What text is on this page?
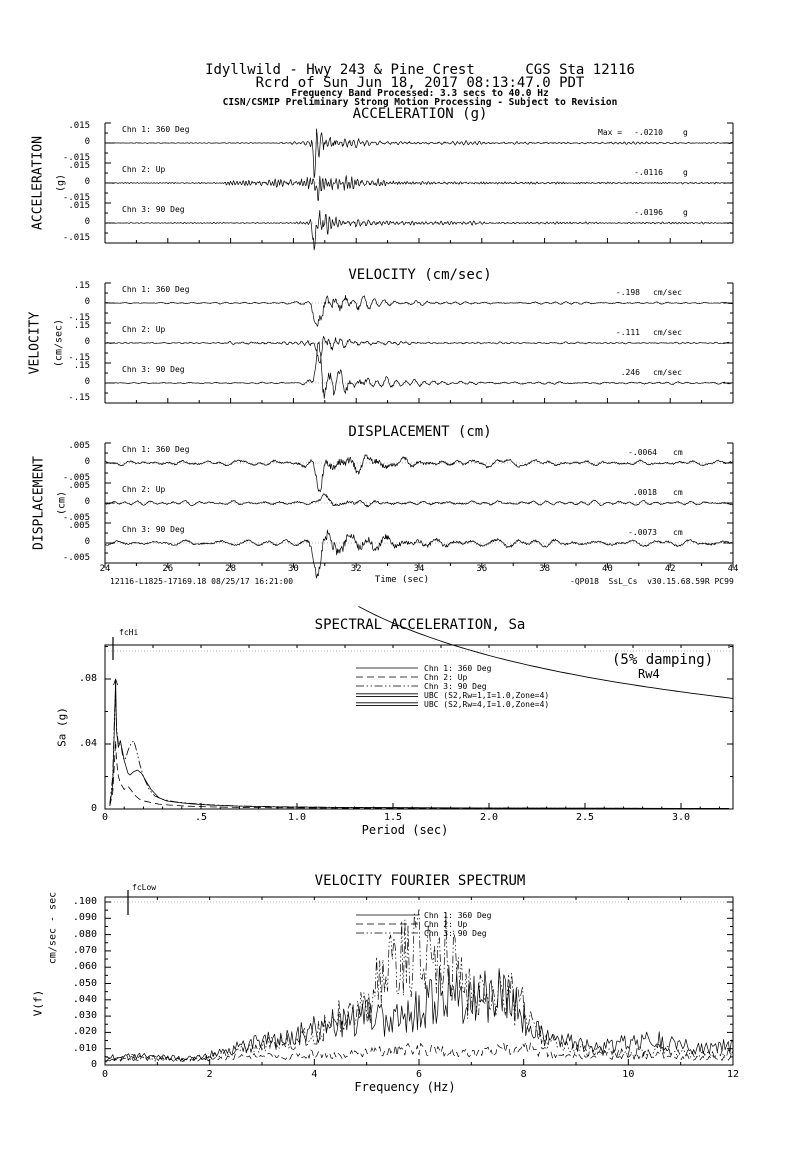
Idyllwild - Hwy 243 & Pine Crest      CGS Sta 12116
Rcrd of Sun Jun 18, 2017 08:13:47.0 PDT
Frequency Band Processed: 3.3 secs to 40.0 Hz
CISN/CSMIP Preliminary Strong Motion Processing - Subject to Revision
ACCELERATION (g)
VELOCITY (cm/sec)
DISPLACEMENT (cm)
ACCELERATION (g)
VELOCITY (cm/sec)
DISPLACEMENT (cm)
Chn 1: 360 Deg
Chn 2: Up
Chn 3: 90 Deg
Chn 1: 360 Deg
Chn 2: Up
Chn 3: 90 Deg
Chn 1: 360 Deg
Chn 2: Up
Chn 3: 90 Deg
Max =	-.0210
-.0116
-.0196
g
g
g
-.198
-.111
.246
cm/sec
cm/sec
cm/sec
-.0064
.0018
-.0073
cm
cm
cm
Time (sec)
12116-L1825-17169.18 08/25/17 16:21:00	-QP018  SsL_Cs  v30.15.68.59R PC99
SPECTRAL ACCELERATION, Sa
fcHi
(5% damping)
Rw4
Sa (g)
Period (sec)
Chn 1: 360 Deg
Chn 2: Up
Chn 3: 90 Deg
UBC (S2,Rw=1,I=1.0,Zone=4)
UBC (S2,Rw=4,I=1.0,Zone=4)
VELOCITY FOURIER SPECTRUM
fcLow
cm/sec - sec
V(f)
Frequency (Hz)
Chn 1: 360 Deg
Chn 2: Up
Chn 3: 90 Deg
.015
0
-.015
.015
0
-.015
.015
0
-.015
.15
0
-.15
.15
0
-.15
.15
0
-.15
.005
0
-.005
.005
0
-.005
.005
0
-.005
24	26	28	30	32	34	36	38	40	42	44
.08
.04
0
0	.5	1.0	1.5	2.0	2.5	3.0
.100
.090
.080
.070
.060
.050
.040
.030
.020
.010
0
0	2	4	6	8	10	12
